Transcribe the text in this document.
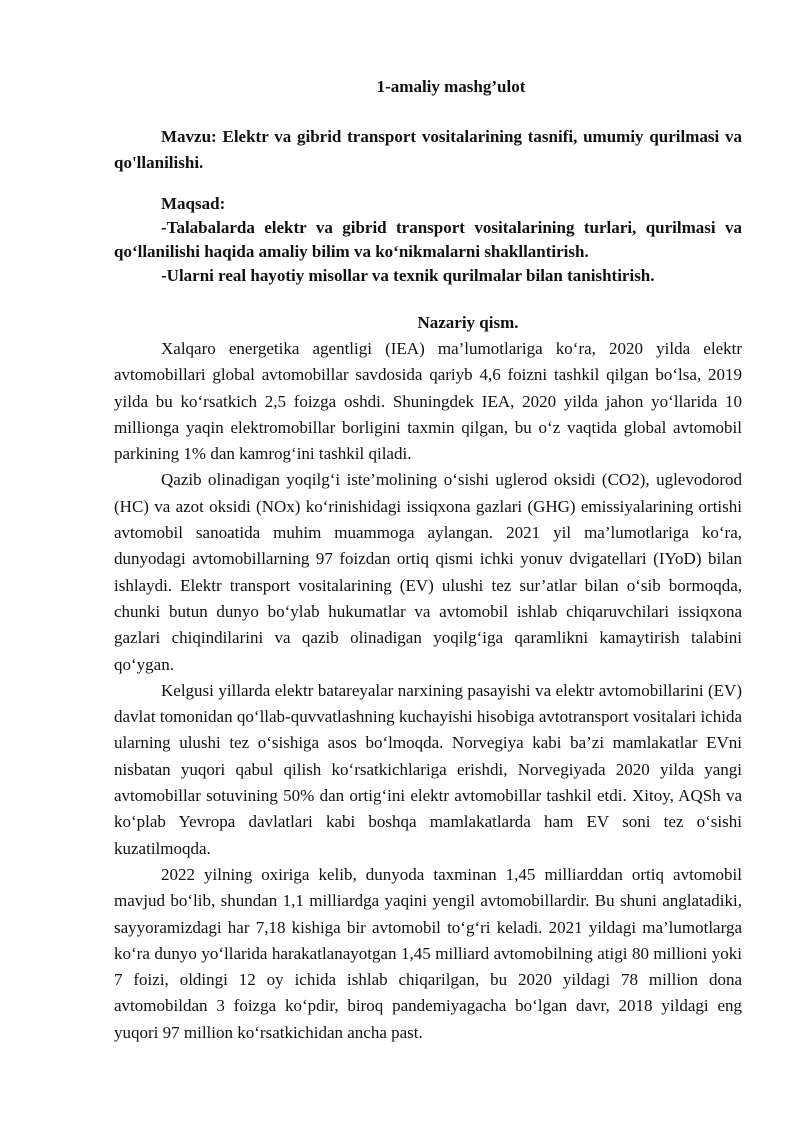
1-amaliy mashg’ulot

Mavzu: Elektr va gibrid transport vositalarining tasnifi, umumiy qurilmasi va qo'llanilishi.

Maqsad:

-Talabalarda elektr va gibrid transport vositalarining turlari, qurilmasi va qo‘llanilishi haqida amaliy bilim va ko‘nikmalarni shakllantirish.

-Ularni real hayotiy misollar va texnik qurilmalar bilan tanishtirish.

Nazariy qism.

Xalqaro energetika agentligi (IEA) ma’lumotlariga ko‘ra, 2020 yilda elektr avtomobillari global avtomobillar savdosida qariyb 4,6 foizni tashkil qilgan bo‘lsa, 2019 yilda bu ko‘rsatkich 2,5 foizga oshdi. Shuningdek IEA, 2020 yilda jahon yo‘llarida 10 millionga yaqin elektromobillar borligini taxmin qilgan, bu o‘z vaqtida global avtomobil parkining 1% dan kamrog‘ini tashkil qiladi.

Qazib olinadigan yoqilg‘i iste’molining o‘sishi uglerod oksidi (CO2), uglevodorod (HC) va azot oksidi (NOx) ko‘rinishidagi issiqxona gazlari (GHG) emissiyalarining ortishi avtomobil sanoatida muhim muammoga aylangan. 2021 yil ma’lumotlariga ko‘ra, dunyodagi avtomobillarning 97 foizdan ortiq qismi ichki yonuv dvigatellari (IYoD) bilan ishlaydi. Elektr transport vositalarining (EV) ulushi tez sur’atlar bilan o‘sib bormoqda, chunki butun dunyo bo‘ylab hukumatlar va avtomobil ishlab chiqaruvchilari issiqxona gazlari chiqindilarini va qazib olinadigan yoqilg‘iga qaramlikni kamaytirish talabini qo‘ygan.

Kelgusi yillarda elektr batareyalar narxining pasayishi va elektr avtomobillarini (EV) davlat tomonidan qo‘llab-quvvatlashning kuchayishi hisobiga avtotransport vositalari ichida ularning ulushi tez o‘sishiga asos bo‘lmoqda. Norvegiya kabi ba’zi mamlakatlar EVni nisbatan yuqori qabul qilish ko‘rsatkichlariga erishdi, Norvegiyada 2020 yilda yangi avtomobillar sotuvining 50% dan ortig‘ini elektr avtomobillar tashkil etdi. Xitoy, AQSh va ko‘plab Yevropa davlatlari kabi boshqa mamlakatlarda ham EV soni tez o‘sishi kuzatilmoqda.

2022 yilning oxiriga kelib, dunyoda taxminan 1,45 milliarddan ortiq avtomobil mavjud bo‘lib, shundan 1,1 milliardga yaqini yengil avtomobillardir. Bu shuni anglatadiki, sayyoramizdagi har 7,18 kishiga bir avtomobil to‘g‘ri keladi. 2021 yildagi ma’lumotlarga ko‘ra dunyo yo‘llarida harakatlanayotgan 1,45 milliard avtomobilning atigi 80 millioni yoki 7 foizi, oldingi 12 oy ichida ishlab chiqarilgan, bu 2020 yildagi 78 million dona avtomobildan 3 foizga ko‘pdir, biroq pandemiyagacha bo‘lgan davr, 2018 yildagi eng yuqori 97 million ko‘rsatkichidan ancha past.
